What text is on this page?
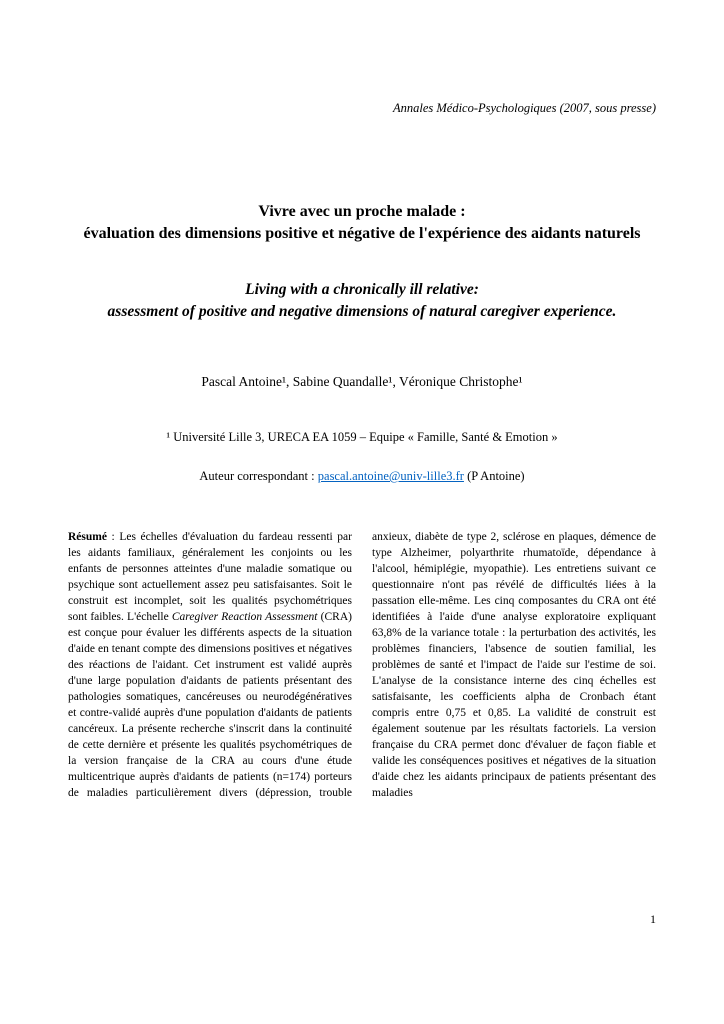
Annales Médico-Psychologiques (2007, sous presse)
Vivre avec un proche malade :
évaluation des dimensions positive et négative de l'expérience des aidants naturels
Living with a chronically ill relative:
assessment of positive and negative dimensions of natural caregiver experience.
Pascal Antoine¹, Sabine Quandalle¹, Véronique Christophe¹
¹ Université Lille 3, URECA EA 1059 – Equipe « Famille, Santé & Emotion »
Auteur correspondant : pascal.antoine@univ-lille3.fr (P Antoine)

Résumé : Les échelles d'évaluation du fardeau ressenti par les aidants familiaux, généralement les conjoints ou les enfants de personnes atteintes d'une maladie somatique ou psychique sont actuellement assez peu satisfaisantes. Soit le construit est incomplet, soit les qualités psychométriques sont faibles. L'échelle Caregiver Reaction Assessment (CRA) est conçue pour évaluer les différents aspects de la situation d'aide en tenant compte des dimensions positives et négatives des réactions de l'aidant. Cet instrument est validé auprès d'une large population d'aidants de patients présentant des pathologies somatiques, cancéreuses ou neurodégénératives et contre-validé auprès d'une population d'aidants de patients cancéreux. La présente recherche s'inscrit dans la continuité de cette dernière et présente les qualités psychométriques de la version française de la CRA au cours d'une étude multicentrique auprès d'aidants de patients (n=174) porteurs de maladies particulièrement divers (dépression, trouble anxieux, diabète de type 2, sclérose en plaques, démence de type Alzheimer, polyarthrite rhumatoïde, dépendance à l'alcool, hémiplégie, myopathie). Les entretiens suivant ce questionnaire n'ont pas révélé de difficultés liées à la passation elle-même. Les cinq composantes du CRA ont été identifiées à l'aide d'une analyse exploratoire expliquant 63,8% de la variance totale : la perturbation des activités, les problèmes financiers, l'absence de soutien familial, les problèmes de santé et l'impact de l'aide sur l'estime de soi. L'analyse de la consistance interne des cinq échelles est satisfaisante, les coefficients alpha de Cronbach étant compris entre 0,75 et 0,85. La validité de construit est également soutenue par les résultats factoriels. La version française du CRA permet donc d'évaluer de façon fiable et valide les conséquences positives et négatives de la situation d'aide chez les aidants principaux de patients présentant des maladies

1
